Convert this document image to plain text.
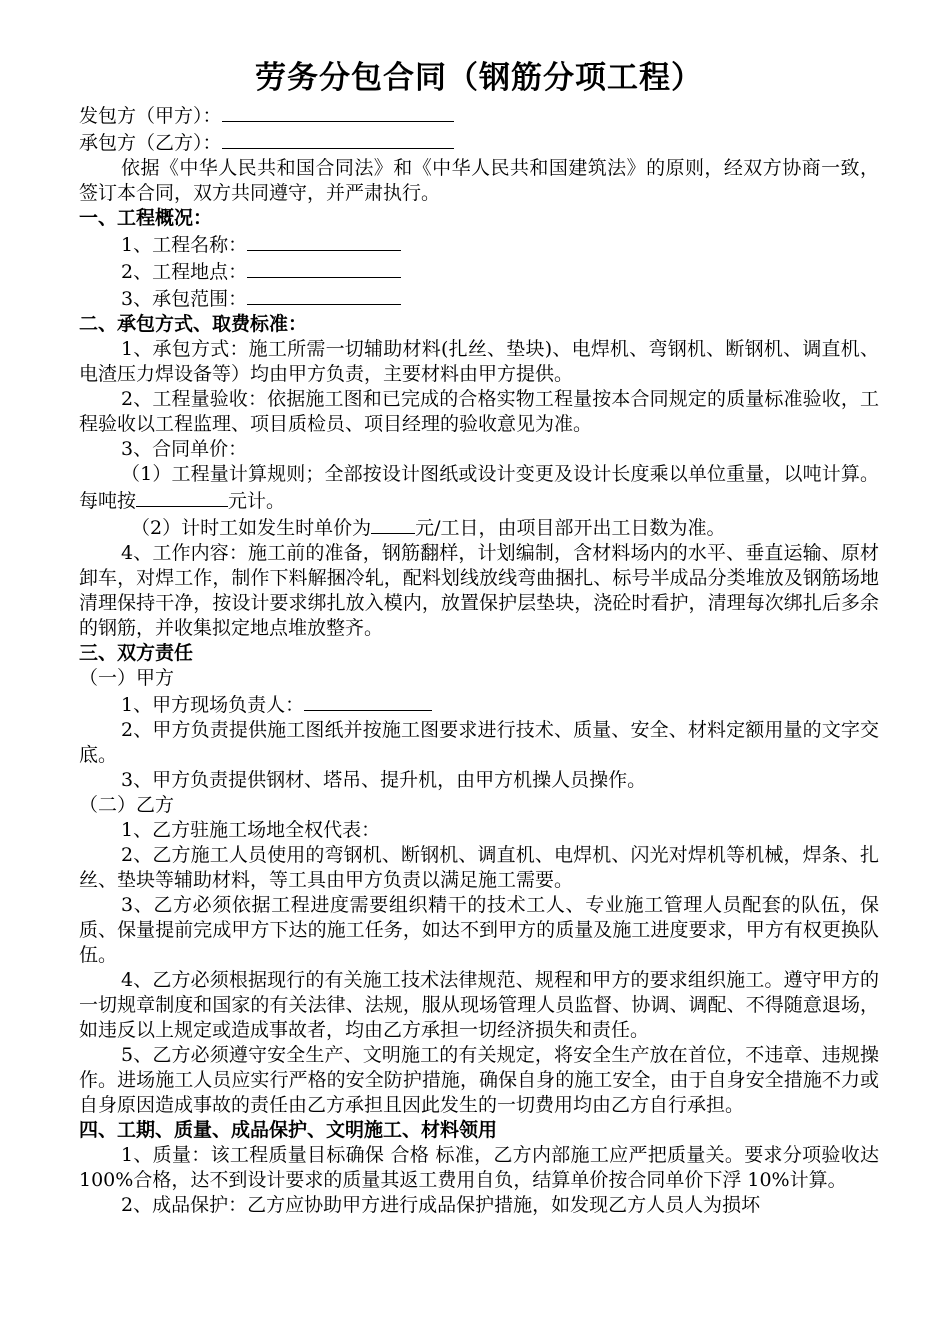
劳务分包合同（钢筋分项工程）

发包方（甲方）：

承包方（乙方）：

依据《中华人民共和国合同法》和《中华人民共和国建筑法》的原则，经双方协商一致，签订本合同，双方共同遵守，并严肃执行。

一、工程概况：

1、工程名称：

2、工程地点：

3、承包范围：

二、承包方式、取费标准：

1、承包方式：施工所需一切辅助材料(扎丝、垫块)、电焊机、弯钢机、断钢机、调直机、电渣压力焊设备等）均由甲方负责，主要材料由甲方提供。

2、工程量验收：依据施工图和已完成的合格实物工程量按本合同规定的质量标准验收，工程验收以工程监理、项目质检员、项目经理的验收意见为准。

3、合同单价：

（1）工程量计算规则；全部按设计图纸或设计变更及设计长度乘以单位重量，以吨计算。每吨按	元计。

（2）计时工如发生时单价为 元/工日，由项目部开出工日数为准。

4、工作内容：施工前的准备，钢筋翻样，计划编制，含材料场内的水平、垂直运输、原材卸车，对焊工作，制作下料解捆冷轧，配料划线放线弯曲捆扎、标号半成品分类堆放及钢筋场地清理保持干净，按设计要求绑扎放入模内，放置保护层垫块，浇砼时看护，清理每次绑扎后多余的钢筋，并收集拟定地点堆放整齐。

三、双方责任

（一）甲方

1、甲方现场负责人：

2、甲方负责提供施工图纸并按施工图要求进行技术、质量、安全、材料定额用量的文字交底。

3、甲方负责提供钢材、塔吊、提升机，由甲方机操人员操作。

（二）乙方

1、乙方驻施工场地全权代表：

2、乙方施工人员使用的弯钢机、断钢机、调直机、电焊机、闪光对焊机等机械，焊条、扎丝、垫块等辅助材料，等工具由甲方负责以满足施工需要。

3、乙方必须依据工程进度需要组织精干的技术工人、专业施工管理人员配套的队伍，保质、保量提前完成甲方下达的施工任务，如达不到甲方的质量及施工进度要求，甲方有权更换队伍。

4、乙方必须根据现行的有关施工技术法律规范、规程和甲方的要求组织施工。遵守甲方的一切规章制度和国家的有关法律、法规，服从现场管理人员监督、协调、调配、不得随意退场，如违反以上规定或造成事故者，均由乙方承担一切经济损失和责任。

5、乙方必须遵守安全生产、文明施工的有关规定，将安全生产放在首位，不违章、违规操作。进场施工人员应实行严格的安全防护措施，确保自身的施工安全，由于自身安全措施不力或自身原因造成事故的责任由乙方承担且因此发生的一切费用均由乙方自行承担。

四、工期、质量、成品保护、文明施工、材料领用

1、质量：该工程质量目标确保 合格 标准，乙方内部施工应严把质量关。要求分项验收达 100%合格，达不到设计要求的质量其返工费用自负，结算单价按合同单价下浮 10%计算。

2、成品保护：乙方应协助甲方进行成品保护措施，如发现乙方人员人为损坏
